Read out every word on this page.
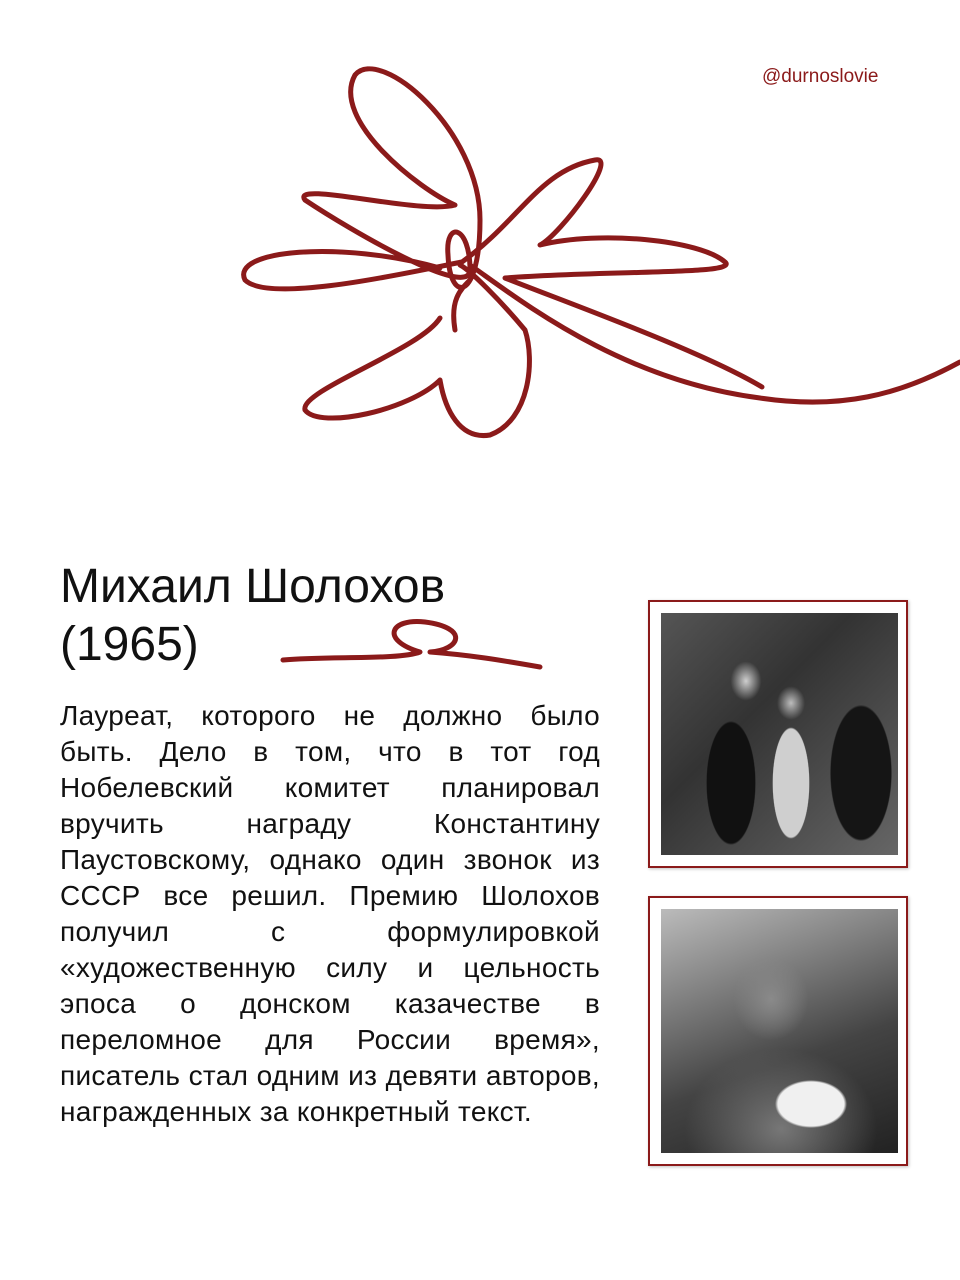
@durnoslovie
Михаил Шолохов
(1965)

Лауреат, которого не должно было быть. Дело в том, что в тот год Нобелевский комитет планировал вручить награду Константину Паустовскому, однако один звонок из СССР все решил. Премию Шолохов получил с формулировкой «художественную силу и цельность эпоса о донском казачестве в переломное для России время», писатель стал одним из девяти авторов, награжденных за конкретный текст.
